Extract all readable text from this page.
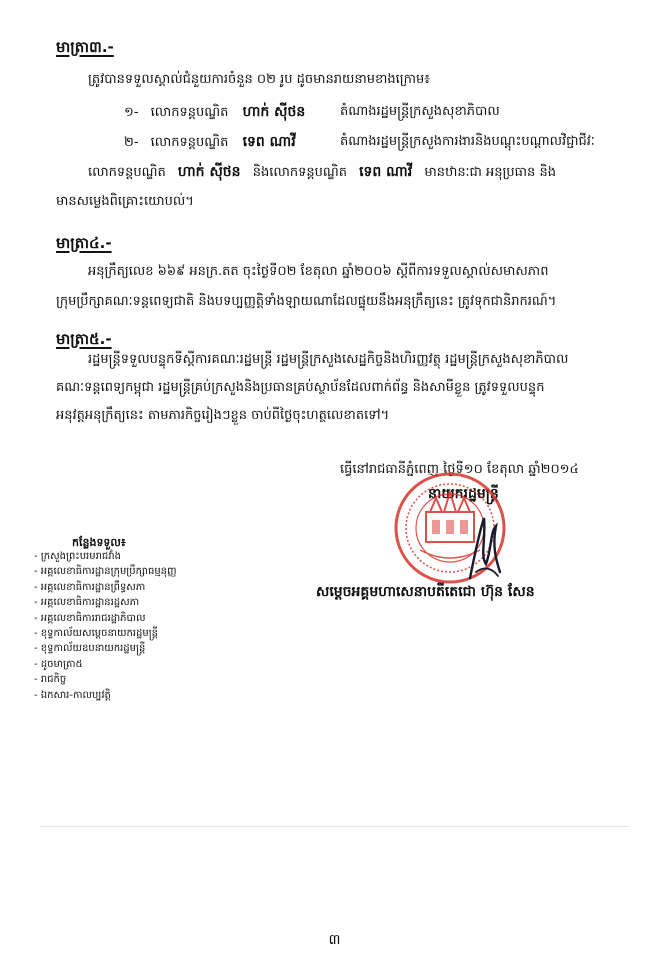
មាត្រា៣.-
ត្រូវបានទទួលស្គាល់ជំនួយការចំនួន ០២ រូប ដូចមានរាយនាមខាងក្រោម៖
១- លោកទន្តបណ្ឌិត ហាក់ ស៊ីថន	តំណាងរដ្ឋមន្ត្រីក្រសួងសុខាភិបាល
២- លោកទន្តបណ្ឌិត ទេព ណាវី	តំណាងរដ្ឋមន្ត្រីក្រសួងការងារនិងបណ្ដុះបណ្ដាលវិជ្ជាជីវៈ
លោកទន្តបណ្ឌិត ហាក់ ស៊ីថន និងលោកទន្តបណ្ឌិត ទេព ណាវី មានឋានៈជា អនុប្រធាន និង
មានសម្លេងពិគ្រោះយោបល់។
មាត្រា៤.-
អនុក្រឹត្យលេខ ៦៦៩ អនក្រ.តត ចុះថ្ងៃទី០២ ខែតុលា ឆ្នាំ២០០៦ ស្ដីពីការទទួលស្គាល់សមាសភាព
ក្រុមប្រឹក្សាគណៈទន្តពេទ្យជាតិ និងបទប្បញ្ញត្តិទាំងឡាយណាដែលផ្ទុយនឹងអនុក្រឹត្យនេះ ត្រូវទុកជានិរាករណ៍។
មាត្រា៥.-
រដ្ឋមន្ត្រីទទួលបន្ទុកទីស្ដីការគណៈរដ្ឋមន្ត្រី រដ្ឋមន្ត្រីក្រសួងសេដ្ឋកិច្ចនិងហិរញ្ញវត្ថុ រដ្ឋមន្ត្រីក្រសួងសុខាភិបាល
គណៈទន្តពេទ្យកម្ពុជា រដ្ឋមន្ត្រីគ្រប់ក្រសួងនិងប្រធានគ្រប់ស្ថាប័នដែលពាក់ព័ន្ធ និងសាមីខ្លួន ត្រូវទទួលបន្ទុក
អនុវត្តអនុក្រឹត្យនេះ តាមភារកិច្ចរៀងៗខ្លួន ចាប់ពីថ្ងៃចុះហត្ថលេខាតទៅ។
ធ្វើនៅរាជធានីភ្នំពេញ ថ្ងៃទី១០ ខែតុលា ឆ្នាំ២០១៤
នាយករដ្ឋមន្ត្រី
សម្ដេចអគ្គមហាសេនាបតីតេជោ ហ៊ុន សែន
កន្លែងទទួល៖
- ក្រសួងព្រះបរមរាជវាំង
- អគ្គលេខាធិការដ្ឋានក្រុមប្រឹក្សាធម្មនុញ្ញ
- អគ្គលេខាធិការដ្ឋានព្រឹទ្ធសភា
- អគ្គលេខាធិការដ្ឋានរដ្ឋសភា
- អគ្គលេខាធិការរាជរដ្ឋាភិបាល
- ខុទ្ទកាល័យសម្ដេចនាយករដ្ឋមន្ត្រី
- ខុទ្ទកាល័យឧបនាយករដ្ឋមន្ត្រី
- ដូចមាត្រា៥
- រាជកិច្ច
- ឯកសារ-កាលប្បវត្តិ
៣
